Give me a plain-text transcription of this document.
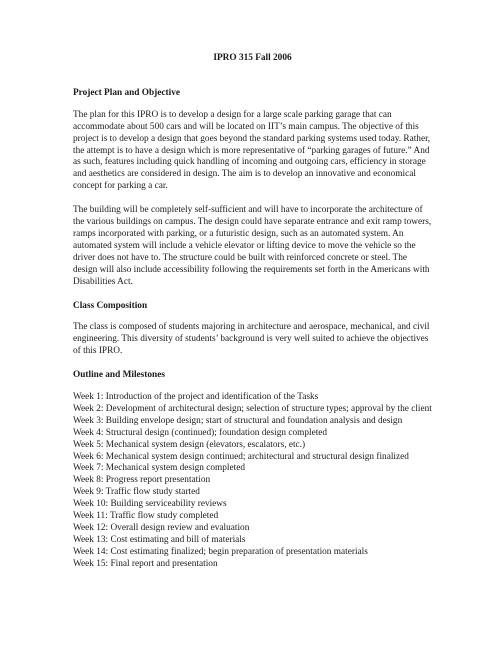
IPRO 315 Fall 2006
Project Plan and Objective

The plan for this IPRO is to develop a design for a large scale parking garage that can accommodate about 500 cars and will be located on IIT’s main campus. The objective of this project is to develop a design that goes beyond the standard parking systems used today. Rather, the attempt is to have a design which is more representative of “parking garages of future.” And as such, features including quick handling of incoming and outgoing cars, efficiency in storage and aesthetics are considered in design. The aim is to develop an innovative and economical concept for parking a car.

The building will be completely self-sufficient and will have to incorporate the architecture of the various buildings on campus. The design could have separate entrance and exit ramp towers, ramps incorporated with parking, or a futuristic design, such as an automated system. An automated system will include a vehicle elevator or lifting device to move the vehicle so the driver does not have to. The structure could be built with reinforced concrete or steel. The design will also include accessibility following the requirements set forth in the Americans with Disabilities Act.

Class Composition

The class is composed of students majoring in architecture and aerospace, mechanical, and civil engineering. This diversity of students’ background is very well suited to achieve the objectives of this IPRO.

Outline and Milestones
Week 1: Introduction of the project and identification of the Tasks
Week 2: Development of architectural design; selection of structure types; approval by the client
Week 3: Building envelope design; start of structural and foundation analysis and design
Week 4: Structural design (continued); foundation design completed
Week 5: Mechanical system design (elevators, escalators, etc.)
Week 6: Mechanical system design continued; architectural and structural design finalized
Week 7: Mechanical system design completed
Week 8: Progress report presentation
Week 9: Traffic flow study started
Week 10: Building serviceability reviews
Week 11: Traffic flow study completed
Week 12: Overall design review and evaluation
Week 13: Cost estimating and bill of materials
Week 14: Cost estimating finalized; begin preparation of presentation materials
Week 15: Final report and presentation
